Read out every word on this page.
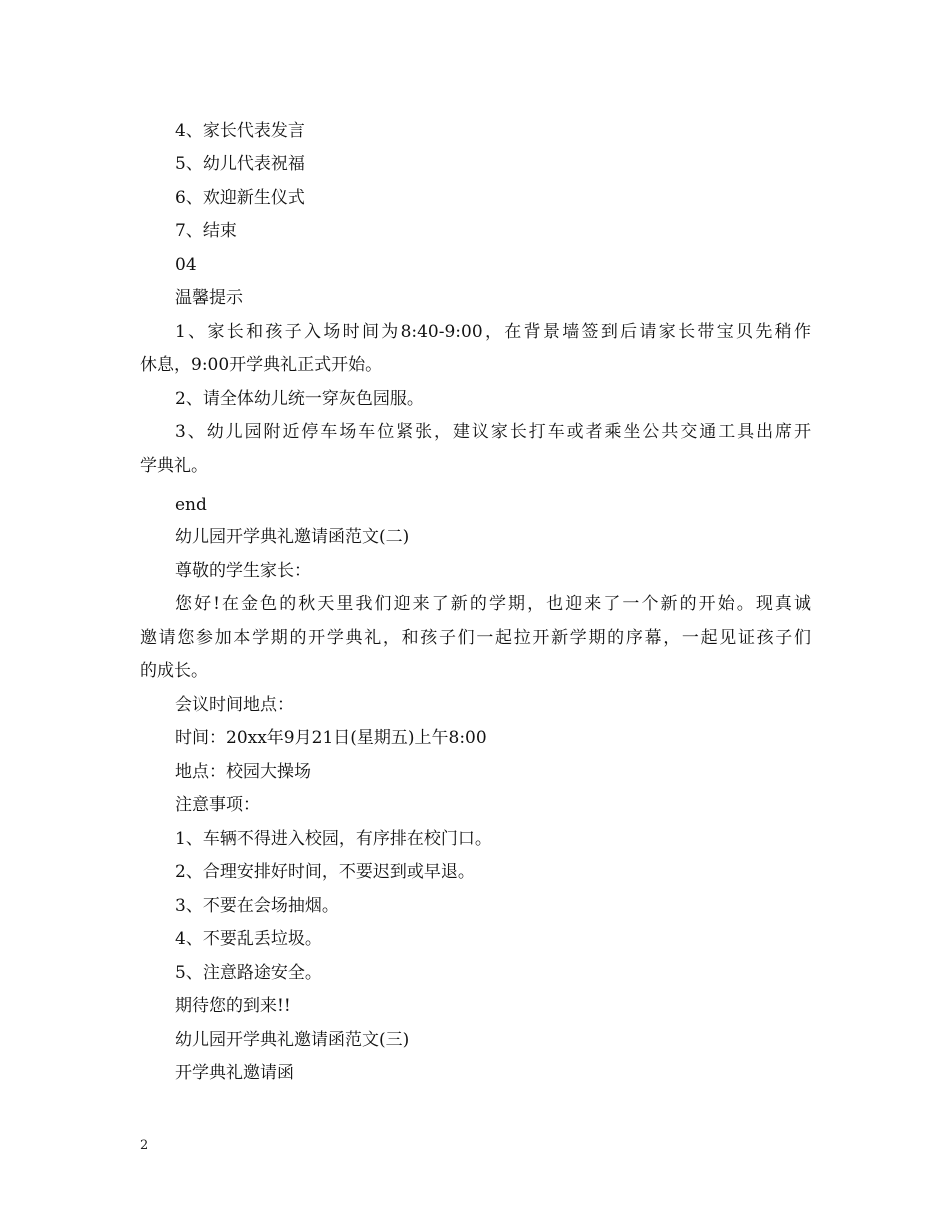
4、家长代表发言
5、幼儿代表祝福
6、欢迎新生仪式
7、结束
04
温馨提示
1、家长和孩子入场时间为8:40-9:00，在背景墙签到后请家长带宝贝先稍作
休息，9:00开学典礼正式开始。
2、请全体幼儿统一穿灰色园服。
3、幼儿园附近停车场车位紧张，建议家长打车或者乘坐公共交通工具出席开
学典礼。
end
幼儿园开学典礼邀请函范文(二)
尊敬的学生家长：
您好!在金色的秋天里我们迎来了新的学期，也迎来了一个新的开始。现真诚
邀请您参加本学期的开学典礼，和孩子们一起拉开新学期的序幕，一起见证孩子们
的成长。
会议时间地点：
时间：20xx年9月21日(星期五)上午8:00
地点：校园大操场
注意事项：
1、车辆不得进入校园，有序排在校门口。
2、合理安排好时间，不要迟到或早退。
3、不要在会场抽烟。
4、不要乱丢垃圾。
5、注意路途安全。
期待您的到来!!
幼儿园开学典礼邀请函范文(三)
开学典礼邀请函
2
